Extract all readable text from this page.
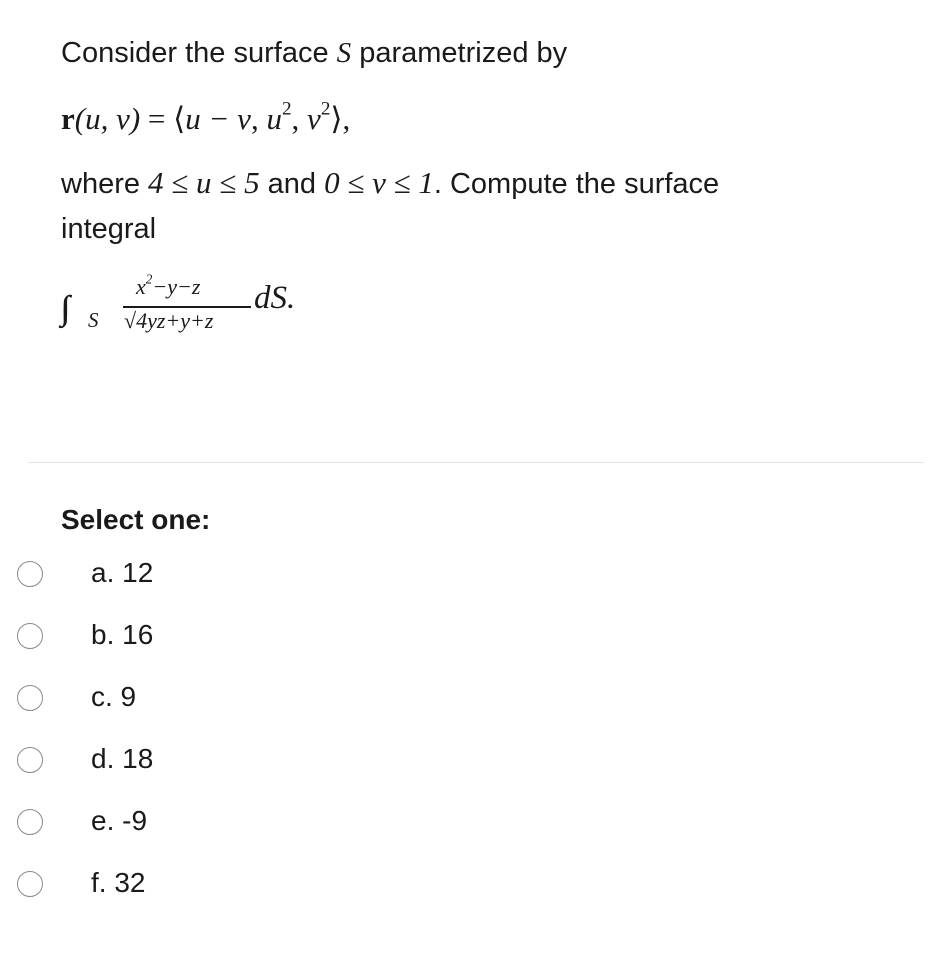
Consider the surface S parametrized by
r(u, v) = ⟨u − v, $u^2$, $v^2⟩$,
where 4 ≤ u ≤ 5 and 0 ≤ v ≤ 1. Compute the surface
integral
S
$x^2-y-z$
√4yz+y+z
dS.
Select one:
a. 12
b. 16
c. 9
d. 18
e. -9
f. 32
